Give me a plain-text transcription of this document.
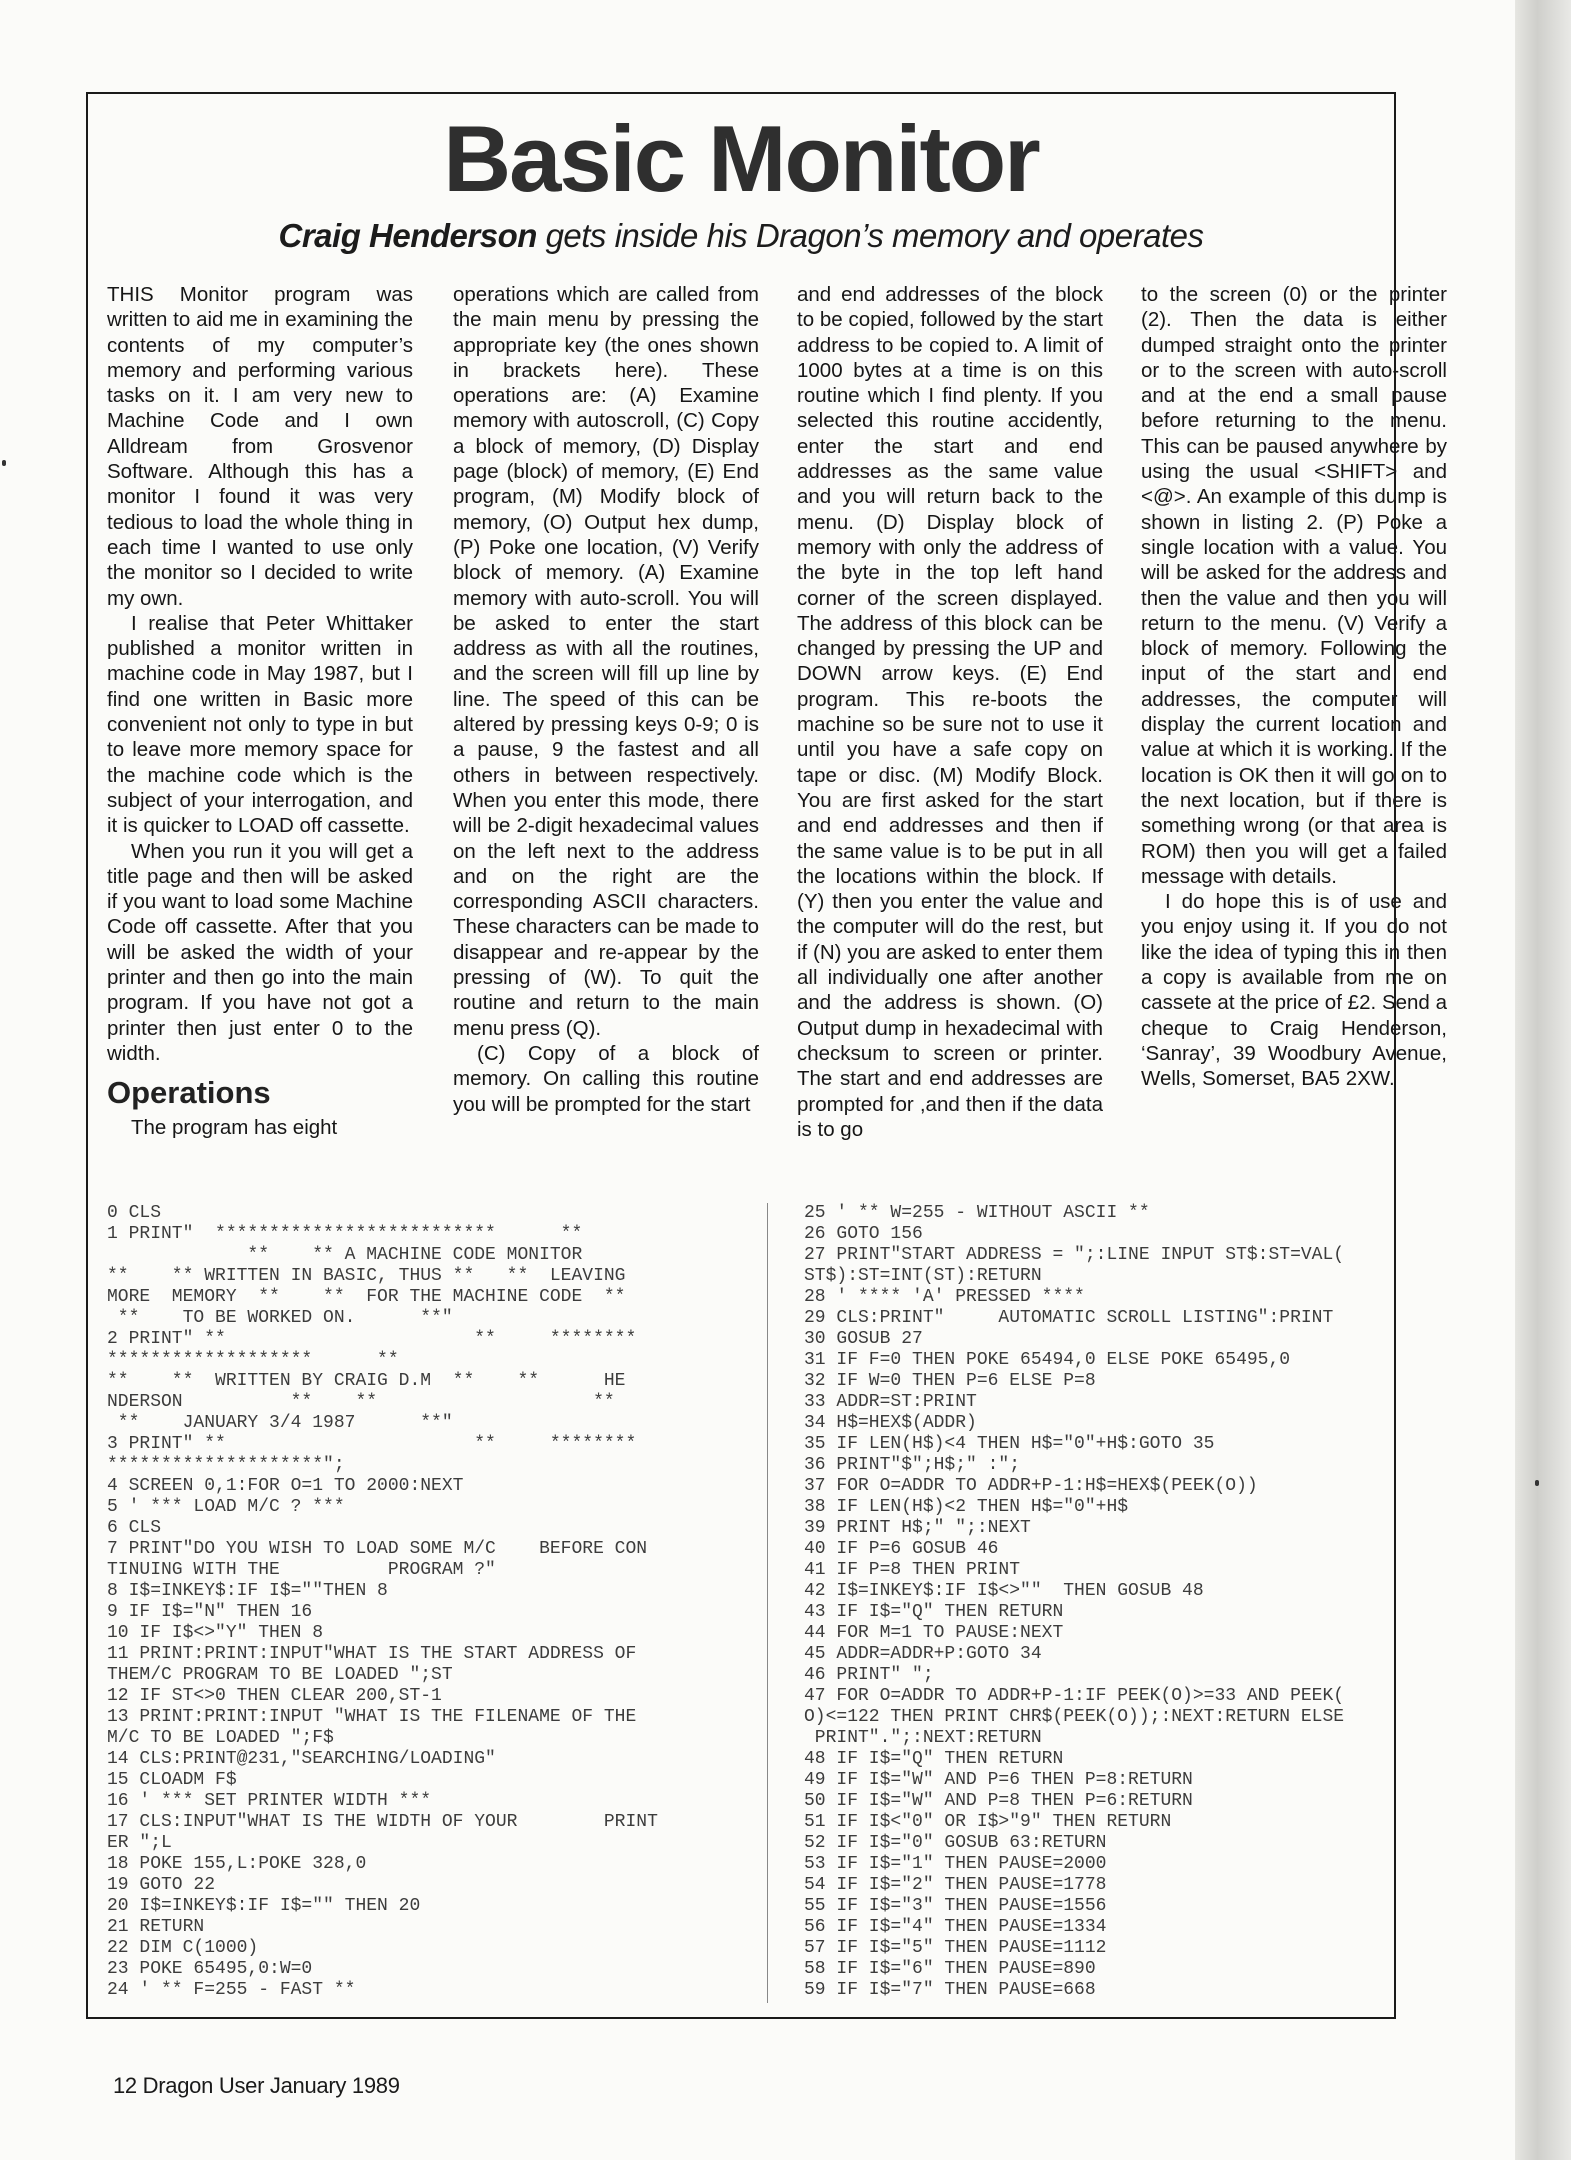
Basic Monitor

Craig Henderson gets inside his Dragon’s memory and operates

THIS Monitor program was written to aid me in examining the contents of my computer’s memory and performing various tasks on it. I am very new to Machine Code and I own Alldream from Grosvenor Software. Although this has a monitor I found it was very tedious to load the whole thing in each time I wanted to use only the monitor so I decided to write my own.

I realise that Peter Whittaker published a monitor written in machine code in May 1987, but I find one written in Basic more convenient not only to type in but to leave more memory space for the machine code which is the subject of your interrogation, and it is quicker to LOAD off cassette.

When you run it you will get a title page and then will be asked if you want to load some Machine Code off cassette. After that you will be asked the width of your printer and then go into the main program. If you have not got a printer then just enter 0 to the width.

Operations

The program has eight

operations which are called from the main menu by pressing the appropriate key (the ones shown in brackets here). These operations are: (A) Examine memory with autoscroll, (C) Copy a block of memory, (D) Display page (block) of memory, (E) End program, (M) Modify block of memory, (O) Output hex dump, (P) Poke one location, (V) Verify block of memory. (A) Examine memory with auto-scroll. You will be asked to enter the start address as with all the routines, and the screen will fill up line by line. The speed of this can be altered by pressing keys 0-9; 0 is a pause, 9 the fastest and all others in between respectively. When you enter this mode, there will be 2-digit hexadecimal values on the left next to the address and on the right are the corresponding ASCII characters. These characters can be made to disappear and re-appear by the pressing of (W). To quit the routine and return to the main menu press (Q).

(C) Copy of a block of memory. On calling this routine you will be prompted for the start

and end addresses of the block to be copied, followed by the start address to be copied to. A limit of 1000 bytes at a time is on this routine which I find plenty. If you selected this routine accidently, enter the start and end addresses as the same value and you will return back to the menu. (D) Display block of memory with only the address of the byte in the top left hand corner of the screen displayed. The address of this block can be changed by pressing the UP and DOWN arrow keys. (E) End program. This re-boots the machine so be sure not to use it until you have a safe copy on tape or disc. (M) Modify Block. You are first asked for the start and end addresses and then if the same value is to be put in all the locations within the block. If (Y) then you enter the value and the computer will do the rest, but if (N) you are asked to enter them all individually one after another and the address is shown. (O) Output dump in hexadecimal with checksum to screen or printer. The start and end addresses are prompted for ,and then if the data is to go

to the screen (0) or the printer (2). Then the data is either dumped straight onto the printer or to the screen with auto-scroll and at the end a small pause before returning to the menu. This can be paused anywhere by using the usual <SHIFT> and <@>. An example of this dump is shown in listing 2. (P) Poke a single location with a value. You will be asked for the address and then the value and then you will return to the menu. (V) Verify a block of memory. Following the input of the start and end addresses, the computer will display the current location and value at which it is working. If the location is OK then it will go on to the next location, but if there is something wrong (or that area is ROM) then you will get a failed message with details.

I do hope this is of use and you enjoy using it. If you do not like the idea of typing this in then a copy is available from me on cassete at the price of £2. Send a cheque to Craig Henderson, ‘Sanray’, 39 Woodbury Avenue, Wells, Somerset, BA5 2XW.

0 CLS
1 PRINT"  **************************      **
**    ** A MACHINE CODE MONITOR
**    ** WRITTEN IN BASIC, THUS **   **  LEAVING
MORE  MEMORY  **    **  FOR THE MACHINE CODE  **
**    TO BE WORKED ON.      **"
2 PRINT" **                       **     ********
*******************      **
**    **  WRITTEN BY CRAIG D.M  **    **      HE
NDERSON          **    **                    **
**    JANUARY 3/4 1987      **"
3 PRINT" **                       **     ********
********************";
4 SCREEN 0,1:FOR O=1 TO 2000:NEXT
5 ' *** LOAD M/C ? ***
6 CLS
7 PRINT"DO YOU WISH TO LOAD SOME M/C    BEFORE CON
TINUING WITH THE          PROGRAM ?"
8 I$=INKEY$:IF I$=""THEN 8
9 IF I$="N" THEN 16
10 IF I$<>"Y" THEN 8
11 PRINT:PRINT:INPUT"WHAT IS THE START ADDRESS OF
THEM/C PROGRAM TO BE LOADED ";ST
12 IF ST<>0 THEN CLEAR 200,ST-1
13 PRINT:PRINT:INPUT "WHAT IS THE FILENAME OF THE
M/C TO BE LOADED ";F$
14 CLS:PRINT@231,"SEARCHING/LOADING"
15 CLOADM F$
16 ' *** SET PRINTER WIDTH ***
17 CLS:INPUT"WHAT IS THE WIDTH OF YOUR        PRINT
ER ";L
18 POKE 155,L:POKE 328,0
19 GOTO 22
20 I$=INKEY$:IF I$="" THEN 20
21 RETURN
22 DIM C(1000)
23 POKE 65495,0:W=0
24 ' ** F=255 - FAST **
25 ' ** W=255 - WITHOUT ASCII **
26 GOTO 156
27 PRINT"START ADDRESS = ";:LINE INPUT ST$:ST=VAL(
ST$):ST=INT(ST):RETURN
28 ' **** 'A' PRESSED ****
29 CLS:PRINT"     AUTOMATIC SCROLL LISTING":PRINT
30 GOSUB 27
31 IF F=0 THEN POKE 65494,0 ELSE POKE 65495,0
32 IF W=0 THEN P=6 ELSE P=8
33 ADDR=ST:PRINT
34 H$=HEX$(ADDR)
35 IF LEN(H$)<4 THEN H$="0"+H$:GOTO 35
36 PRINT"$";H$;" :";
37 FOR O=ADDR TO ADDR+P-1:H$=HEX$(PEEK(O))
38 IF LEN(H$)<2 THEN H$="0"+H$
39 PRINT H$;" ";:NEXT
40 IF P=6 GOSUB 46
41 IF P=8 THEN PRINT
42 I$=INKEY$:IF I$<>""  THEN GOSUB 48
43 IF I$="Q" THEN RETURN
44 FOR M=1 TO PAUSE:NEXT
45 ADDR=ADDR+P:GOTO 34
46 PRINT" ";
47 FOR O=ADDR TO ADDR+P-1:IF PEEK(O)>=33 AND PEEK(
O)<=122 THEN PRINT CHR$(PEEK(O));:NEXT:RETURN ELSE
PRINT".";:NEXT:RETURN
48 IF I$="Q" THEN RETURN
49 IF I$="W" AND P=6 THEN P=8:RETURN
50 IF I$="W" AND P=8 THEN P=6:RETURN
51 IF I$<"0" OR I$>"9" THEN RETURN
52 IF I$="0" GOSUB 63:RETURN
53 IF I$="1" THEN PAUSE=2000
54 IF I$="2" THEN PAUSE=1778
55 IF I$="3" THEN PAUSE=1556
56 IF I$="4" THEN PAUSE=1334
57 IF I$="5" THEN PAUSE=1112
58 IF I$="6" THEN PAUSE=890
59 IF I$="7" THEN PAUSE=668

12 Dragon User January 1989
